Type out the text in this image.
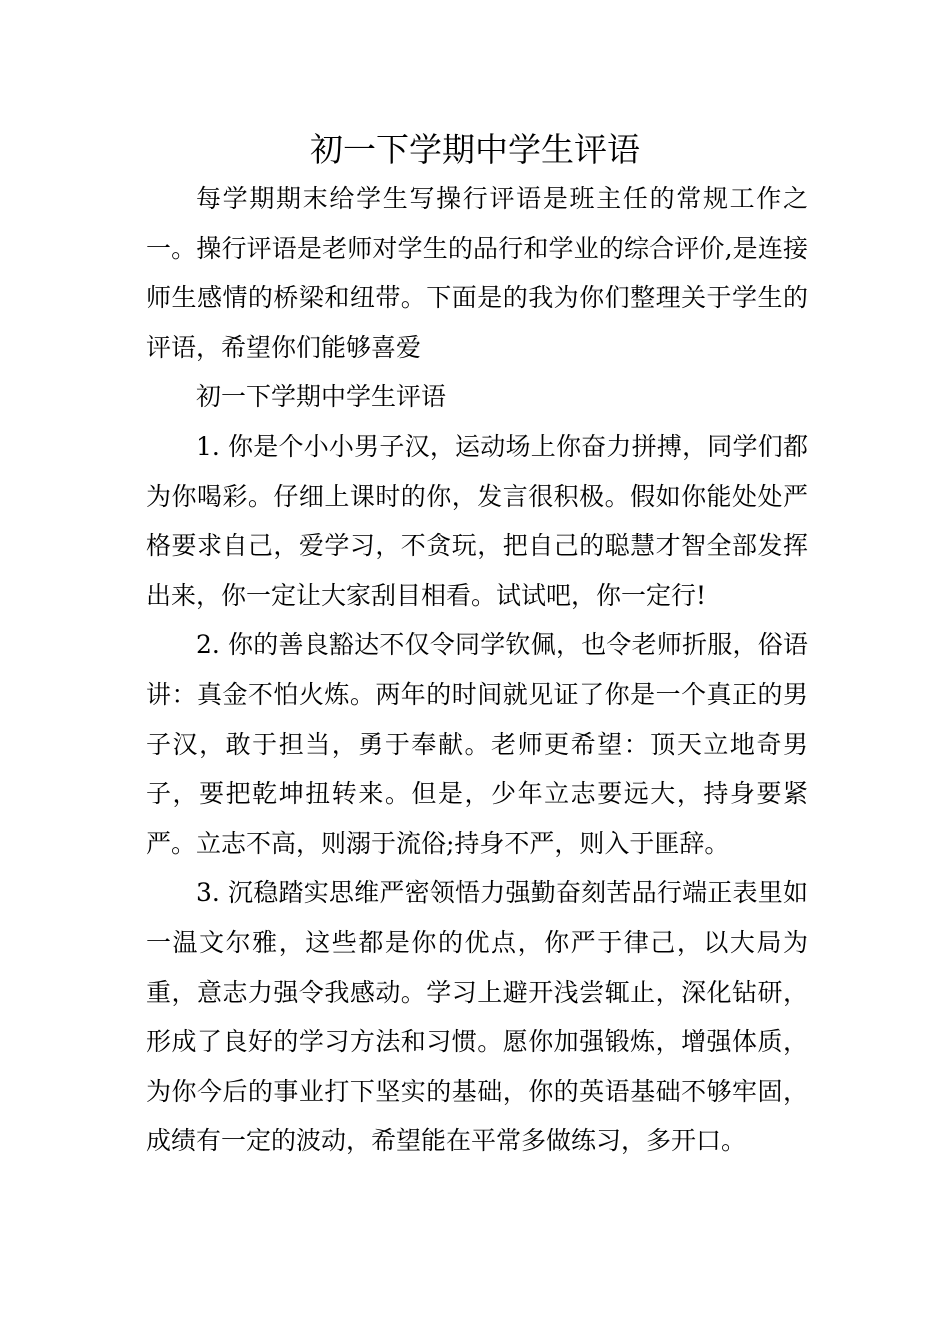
初一下学期中学生评语

每学期期末给学生写操行评语是班主任的常规工作之一。操行评语是老师对学生的品行和学业的综合评价,是连接师生感情的桥梁和纽带。下面是的我为你们整理关于学生的评语，希望你们能够喜爱

初一下学期中学生评语

1. 你是个小小男子汉，运动场上你奋力拼搏，同学们都为你喝彩。仔细上课时的你，发言很积极。假如你能处处严格要求自己，爱学习，不贪玩，把自己的聪慧才智全部发挥出来，你一定让大家刮目相看。试试吧，你一定行!

2. 你的善良豁达不仅令同学钦佩，也令老师折服，俗语讲：真金不怕火炼。两年的时间就见证了你是一个真正的男子汉，敢于担当，勇于奉献。老师更希望：顶天立地奇男子，要把乾坤扭转来。但是，少年立志要远大，持身要紧严。立志不高，则溺于流俗;持身不严，则入于匪辞。

3. 沉稳踏实思维严密领悟力强勤奋刻苦品行端正表里如一温文尔雅，这些都是你的优点，你严于律己，以大局为重，意志力强令我感动。学习上避开浅尝辄止，深化钻研，形成了良好的学习方法和习惯。愿你加强锻炼，增强体质，为你今后的事业打下坚实的基础，你的英语基础不够牢固，成绩有一定的波动，希望能在平常多做练习，多开口。
